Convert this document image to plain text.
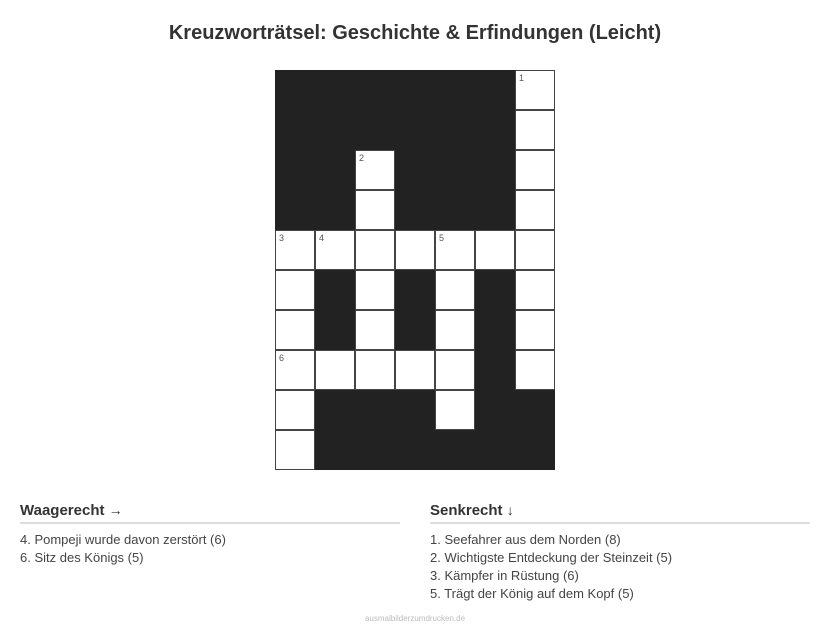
Kreuzworträtsel: Geschichte & Erfindungen (Leicht)
1
2
3	4	5
6
Waagerecht →
4. Pompeji wurde davon zerstört (6)
6. Sitz des Königs (5)
Senkrecht ↓
1. Seefahrer aus dem Norden (8)
2. Wichtigste Entdeckung der Steinzeit (5)
3. Kämpfer in Rüstung (6)
5. Trägt der König auf dem Kopf (5)
ausmalbilderzumdrucken.de
